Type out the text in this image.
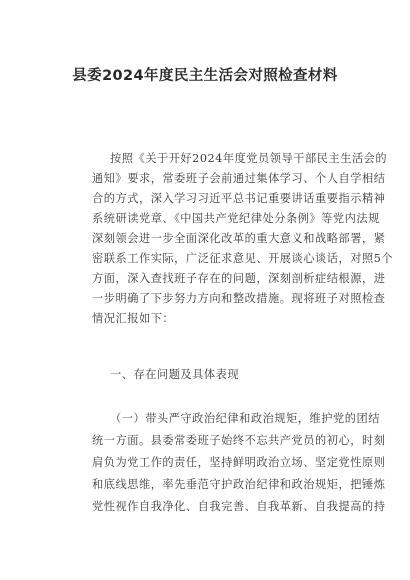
县委2024年度民主生活会对照检查材料
按照《关于开好2024年度党员领导干部民主生活会的
通知》要求，常委班子会前通过集体学习、个人自学相结
合的方式，深入学习习近平总书记重要讲话重要指示精神
系统研读党章、《中国共产党纪律处分条例》等党内法规
深刻领会进一步全面深化改革的重大意义和战略部署，紧
密联系工作实际，广泛征求意见、开展谈心谈话，对照5个
方面，深入查找班子存在的问题，深刻剖析症结根源，进
一步明确了下步努力方向和整改措施。现将班子对照检查
情况汇报如下：
一、存在问题及具体表现
（一）带头严守政治纪律和政治规矩，维护党的团结
统一方面。县委常委班子始终不忘共产党员的初心，时刻
肩负为党工作的责任，坚持鲜明政治立场、坚定党性原则
和底线思维，率先垂范守护政治纪律和政治规矩，把锤炼
党性视作自我净化、自我完善、自我革新、自我提高的持
